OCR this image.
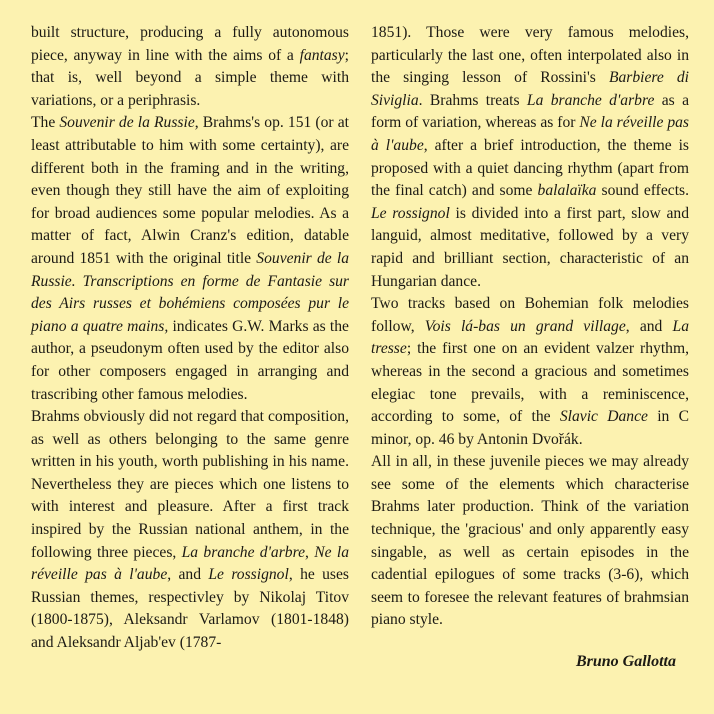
built structure, producing a fully autonomous piece, anyway in line with the aims of a fantasy; that is, well beyond a simple theme with variations, or a periphrasis.

The Souvenir de la Russie, Brahms's op. 151 (or at least attributable to him with some certainty), are different both in the framing and in the writing, even though they still have the aim of exploiting for broad audiences some popular melodies. As a matter of fact, Alwin Cranz's edition, datable around 1851 with the original title Souvenir de la Russie. Transcriptions en forme de Fantasie sur des Airs russes et bohémiens composées pur le piano a quatre mains, indicates G.W. Marks as the author, a pseudonym often used by the editor also for other composers engaged in arranging and trascribing other famous melodies.

Brahms obviously did not regard that composition, as well as others belonging to the same genre written in his youth, worth publishing in his name. Nevertheless they are pieces which one listens to with interest and pleasure. After a first track inspired by the Russian national anthem, in the following three pieces, La branche d'arbre, Ne la réveille pas à l'aube, and Le rossignol, he uses Russian themes, respectivley by Nikolaj Titov (1800-1875), Aleksandr Varlamov (1801-1848) and Aleksandr Aljab'ev (1787-

1851). Those were very famous melodies, particularly the last one, often interpolated also in the singing lesson of Rossini's Barbiere di Siviglia. Brahms treats La branche d'arbre as a form of variation, whereas as for Ne la réveille pas à l'aube, after a brief introduction, the theme is proposed with a quiet dancing rhythm (apart from the final catch) and some balalaïka sound effects. Le rossignol is divided into a first part, slow and languid, almost meditative, followed by a very rapid and brilliant section, characteristic of an Hungarian dance.

Two tracks based on Bohemian folk melodies follow, Vois lá-bas un grand village, and La tresse; the first one on an evident valzer rhythm, whereas in the second a gracious and sometimes elegiac tone prevails, with a reminiscence, according to some, of the Slavic Dance in C minor, op. 46 by Antonin Dvořák.

All in all, in these juvenile pieces we may already see some of the elements which characterise Brahms later production. Think of the variation technique, the 'gracious' and only apparently easy singable, as well as certain episodes in the cadential epilogues of some tracks (3-6), which seem to foresee the relevant features of brahmsian piano style.

Bruno Gallotta
